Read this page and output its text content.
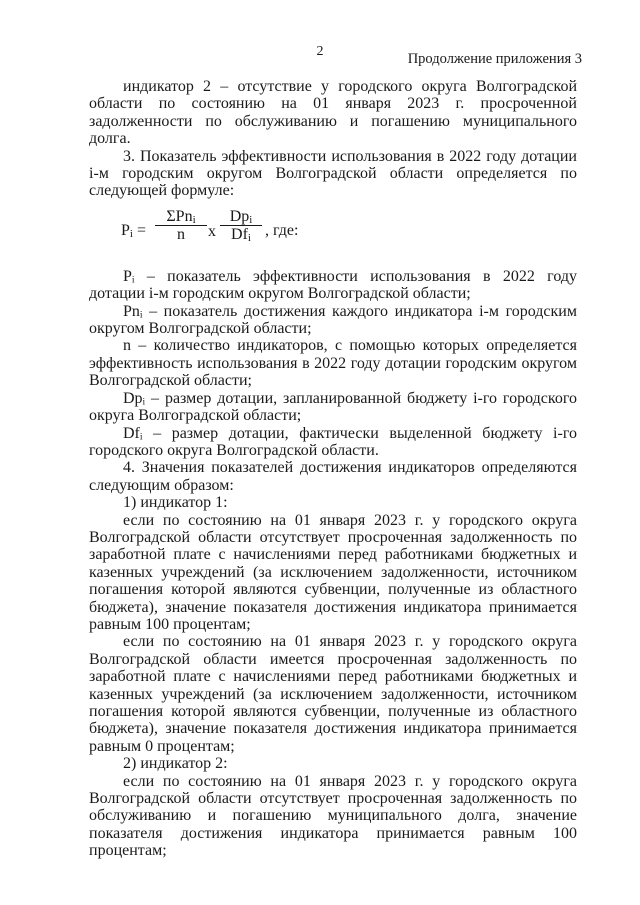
2	Продолжение приложения 3

индикатор 2 – отсутствие у городского округа Волгоградской области по состоянию на 01 января 2023 г. просроченной задолженности по обслуживанию и погашению муниципального долга.

3. Показатель эффективности использования в 2022 году дотации i-м городским округом Волгоградской области определяется по следующей формуле:

$P_i$ =
ΣPn$_i$
n	x
$Dp_i$
$Df_i$ , где:

Pᵢ – показатель эффективности использования в 2022 году дотации i-м городским округом Волгоградской области;

Pnᵢ – показатель достижения каждого индикатора i-м городским округом Волгоградской области;

n – количество индикаторов, с помощью которых определяется эффективность использования в 2022 году дотации городским округом Волгоградской области;

Dpᵢ – размер дотации, запланированной бюджету i-го городского округа Волгоградской области;

Dfᵢ – размер дотации, фактически выделенной бюджету i-го городского округа Волгоградской области.

4. Значения показателей достижения индикаторов определяются следующим образом:

1) индикатор 1:

если по состоянию на 01 января 2023 г. у городского округа Волгоградской области отсутствует просроченная задолженность по заработной плате с начислениями перед работниками бюджетных и казенных учреждений (за исключением задолженности, источником погашения которой являются субвенции, полученные из областного бюджета), значение показателя достижения индикатора принимается равным 100 процентам;

если по состоянию на 01 января 2023 г. у городского округа Волгоградской области имеется просроченная задолженность по заработной плате с начислениями перед работниками бюджетных и казенных учреждений (за исключением задолженности, источником погашения которой являются субвенции, полученные из областного бюджета), значение показателя достижения индикатора принимается равным 0 процентам;

2) индикатор 2:

если по состоянию на 01 января 2023 г. у городского округа Волгоградской области отсутствует просроченная задолженность по обслуживанию и погашению муниципального долга, значение показателя достижения индикатора принимается равным 100 процентам;
